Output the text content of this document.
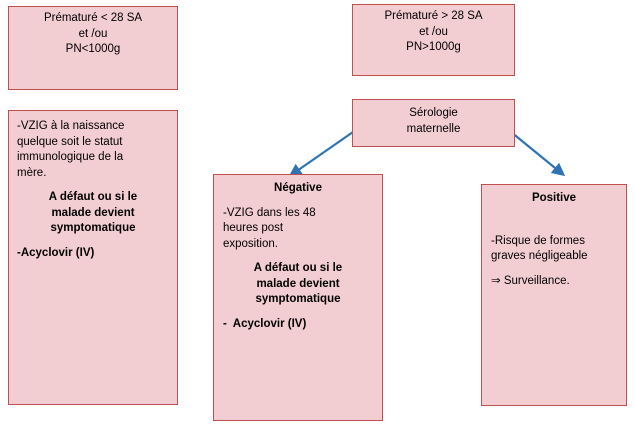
Prématuré < 28 SA
et /ou
PN<1000g
-VZIG à la naissance
quelque soit le statut
immunologique de la
mère.
A défaut ou si le
malade devient
symptomatique
-Acyclovir (IV)
Prématuré > 28 SA
et /ou
PN>1000g
Sérologie
maternelle
Négative
-VZIG dans les 48
heures post
exposition.
A défaut ou si le
malade devient
symptomatique
-  Acyclovir (IV)
Positive
-Risque de formes
graves négligeable
⇒ Surveillance.
